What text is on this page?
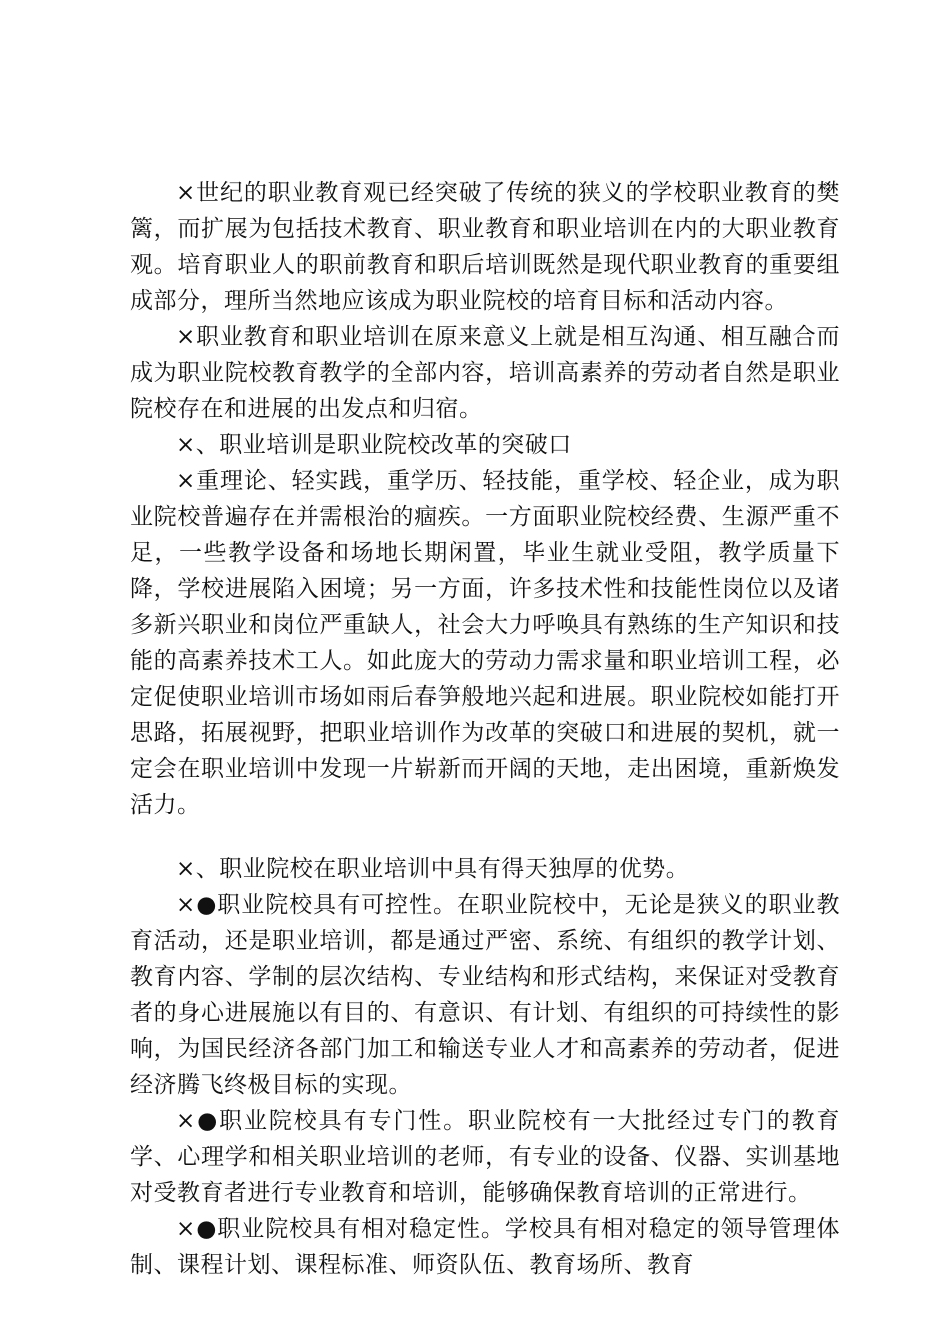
×世纪的职业教育观已经突破了传统的狭义的学校职业教育的樊篱，而扩展为包括技术教育、职业教育和职业培训在内的大职业教育观。培育职业人的职前教育和职后培训既然是现代职业教育的重要组成部分，理所当然地应该成为职业院校的培育目标和活动内容。

×职业教育和职业培训在原来意义上就是相互沟通、相互融合而成为职业院校教育教学的全部内容，培训高素养的劳动者自然是职业院校存在和进展的出发点和归宿。

×、职业培训是职业院校改革的突破口

×重理论、轻实践，重学历、轻技能，重学校、轻企业，成为职业院校普遍存在并需根治的痼疾。一方面职业院校经费、生源严重不足，一些教学设备和场地长期闲置，毕业生就业受阻，教学质量下降，学校进展陷入困境；另一方面，许多技术性和技能性岗位以及诸多新兴职业和岗位严重缺人，社会大力呼唤具有熟练的生产知识和技能的高素养技术工人。如此庞大的劳动力需求量和职业培训工程，必定促使职业培训市场如雨后春笋般地兴起和进展。职业院校如能打开思路，拓展视野，把职业培训作为改革的突破口和进展的契机，就一定会在职业培训中发现一片崭新而开阔的天地，走出困境，重新焕发活力。

×、职业院校在职业培训中具有得天独厚的优势。

×●职业院校具有可控性。在职业院校中，无论是狭义的职业教育活动，还是职业培训，都是通过严密、系统、有组织的教学计划、教育内容、学制的层次结构、专业结构和形式结构，来保证对受教育者的身心进展施以有目的、有意识、有计划、有组织的可持续性的影响，为国民经济各部门加工和输送专业人才和高素养的劳动者，促进经济腾飞终极目标的实现。

×●职业院校具有专门性。职业院校有一大批经过专门的教育学、心理学和相关职业培训的老师，有专业的设备、仪器、实训基地对受教育者进行专业教育和培训，能够确保教育培训的正常进行。

×●职业院校具有相对稳定性。学校具有相对稳定的领导管理体制、课程计划、课程标准、师资队伍、教育场所、教育
